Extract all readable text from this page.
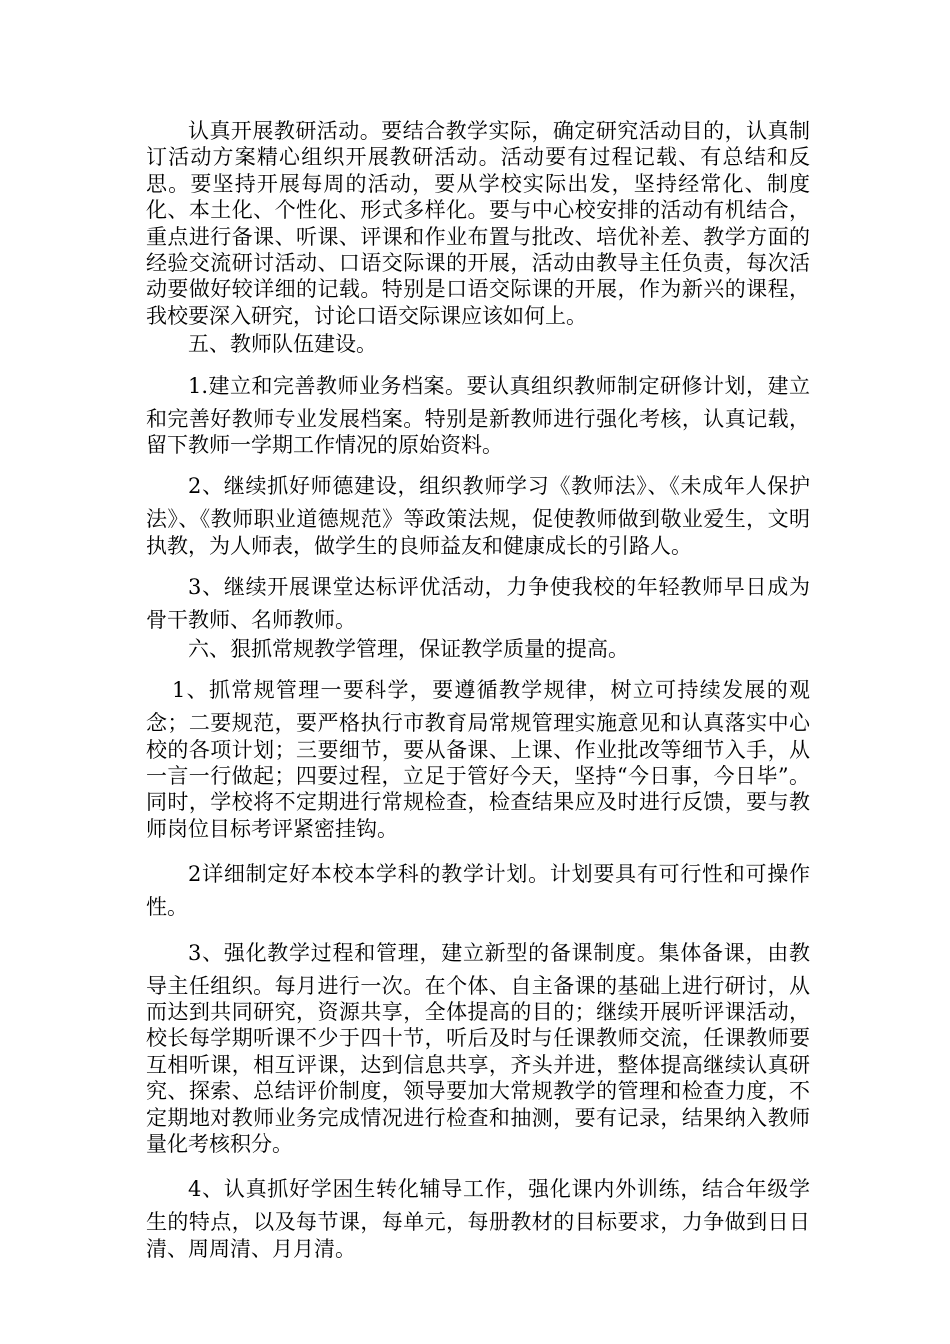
认真开展教研活动。要结合教学实际，确定研究活动目的，认真制订活动方案精心组织开展教研活动。活动要有过程记载、有总结和反思。要坚持开展每周的活动，要从学校实际出发，坚持经常化、制度化、本土化、个性化、形式多样化。要与中心校安排的活动有机结合，重点进行备课、听课、评课和作业布置与批改、培优补差、教学方面的经验交流研讨活动、口语交际课的开展，活动由教导主任负责，每次活动要做好较详细的记载。特别是口语交际课的开展，作为新兴的课程，我校要深入研究，讨论口语交际课应该如何上。

五、教师队伍建设。

1.建立和完善教师业务档案。要认真组织教师制定研修计划，建立和完善好教师专业发展档案。特别是新教师进行强化考核，认真记载，留下教师一学期工作情况的原始资料。

2、继续抓好师德建设，组织教师学习《教师法》、《未成年人保护法》、《教师职业道德规范》等政策法规，促使教师做到敬业爱生，文明执教，为人师表，做学生的良师益友和健康成长的引路人。

3、继续开展课堂达标评优活动，力争使我校的年轻教师早日成为骨干教师、名师教师。

六、狠抓常规教学管理，保证教学质量的提高。

1、抓常规管理一要科学，要遵循教学规律，树立可持续发展的观念；二要规范，要严格执行市教育局常规管理实施意见和认真落实中心校的各项计划；三要细节，要从备课、上课、作业批改等细节入手，从一言一行做起；四要过程，立足于管好今天，坚持“今日事，今日毕”。同时，学校将不定期进行常规检查，检查结果应及时进行反馈，要与教师岗位目标考评紧密挂钩。

2详细制定好本校本学科的教学计划。计划要具有可行性和可操作性。

3、强化教学过程和管理，建立新型的备课制度。集体备课，由教导主任组织。每月进行一次。在个体、自主备课的基础上进行研讨，从而达到共同研究，资源共享，全体提高的目的；继续开展听评课活动，校长每学期听课不少于四十节，听后及时与任课教师交流，任课教师要互相听课，相互评课，达到信息共享，齐头并进，整体提高继续认真研究、探索、总结评价制度，领导要加大常规教学的管理和检查力度，不定期地对教师业务完成情况进行检查和抽测，要有记录，结果纳入教师量化考核积分。

4、认真抓好学困生转化辅导工作，强化课内外训练，结合年级学生的特点，以及每节课，每单元，每册教材的目标要求，力争做到日日清、周周清、月月清。
